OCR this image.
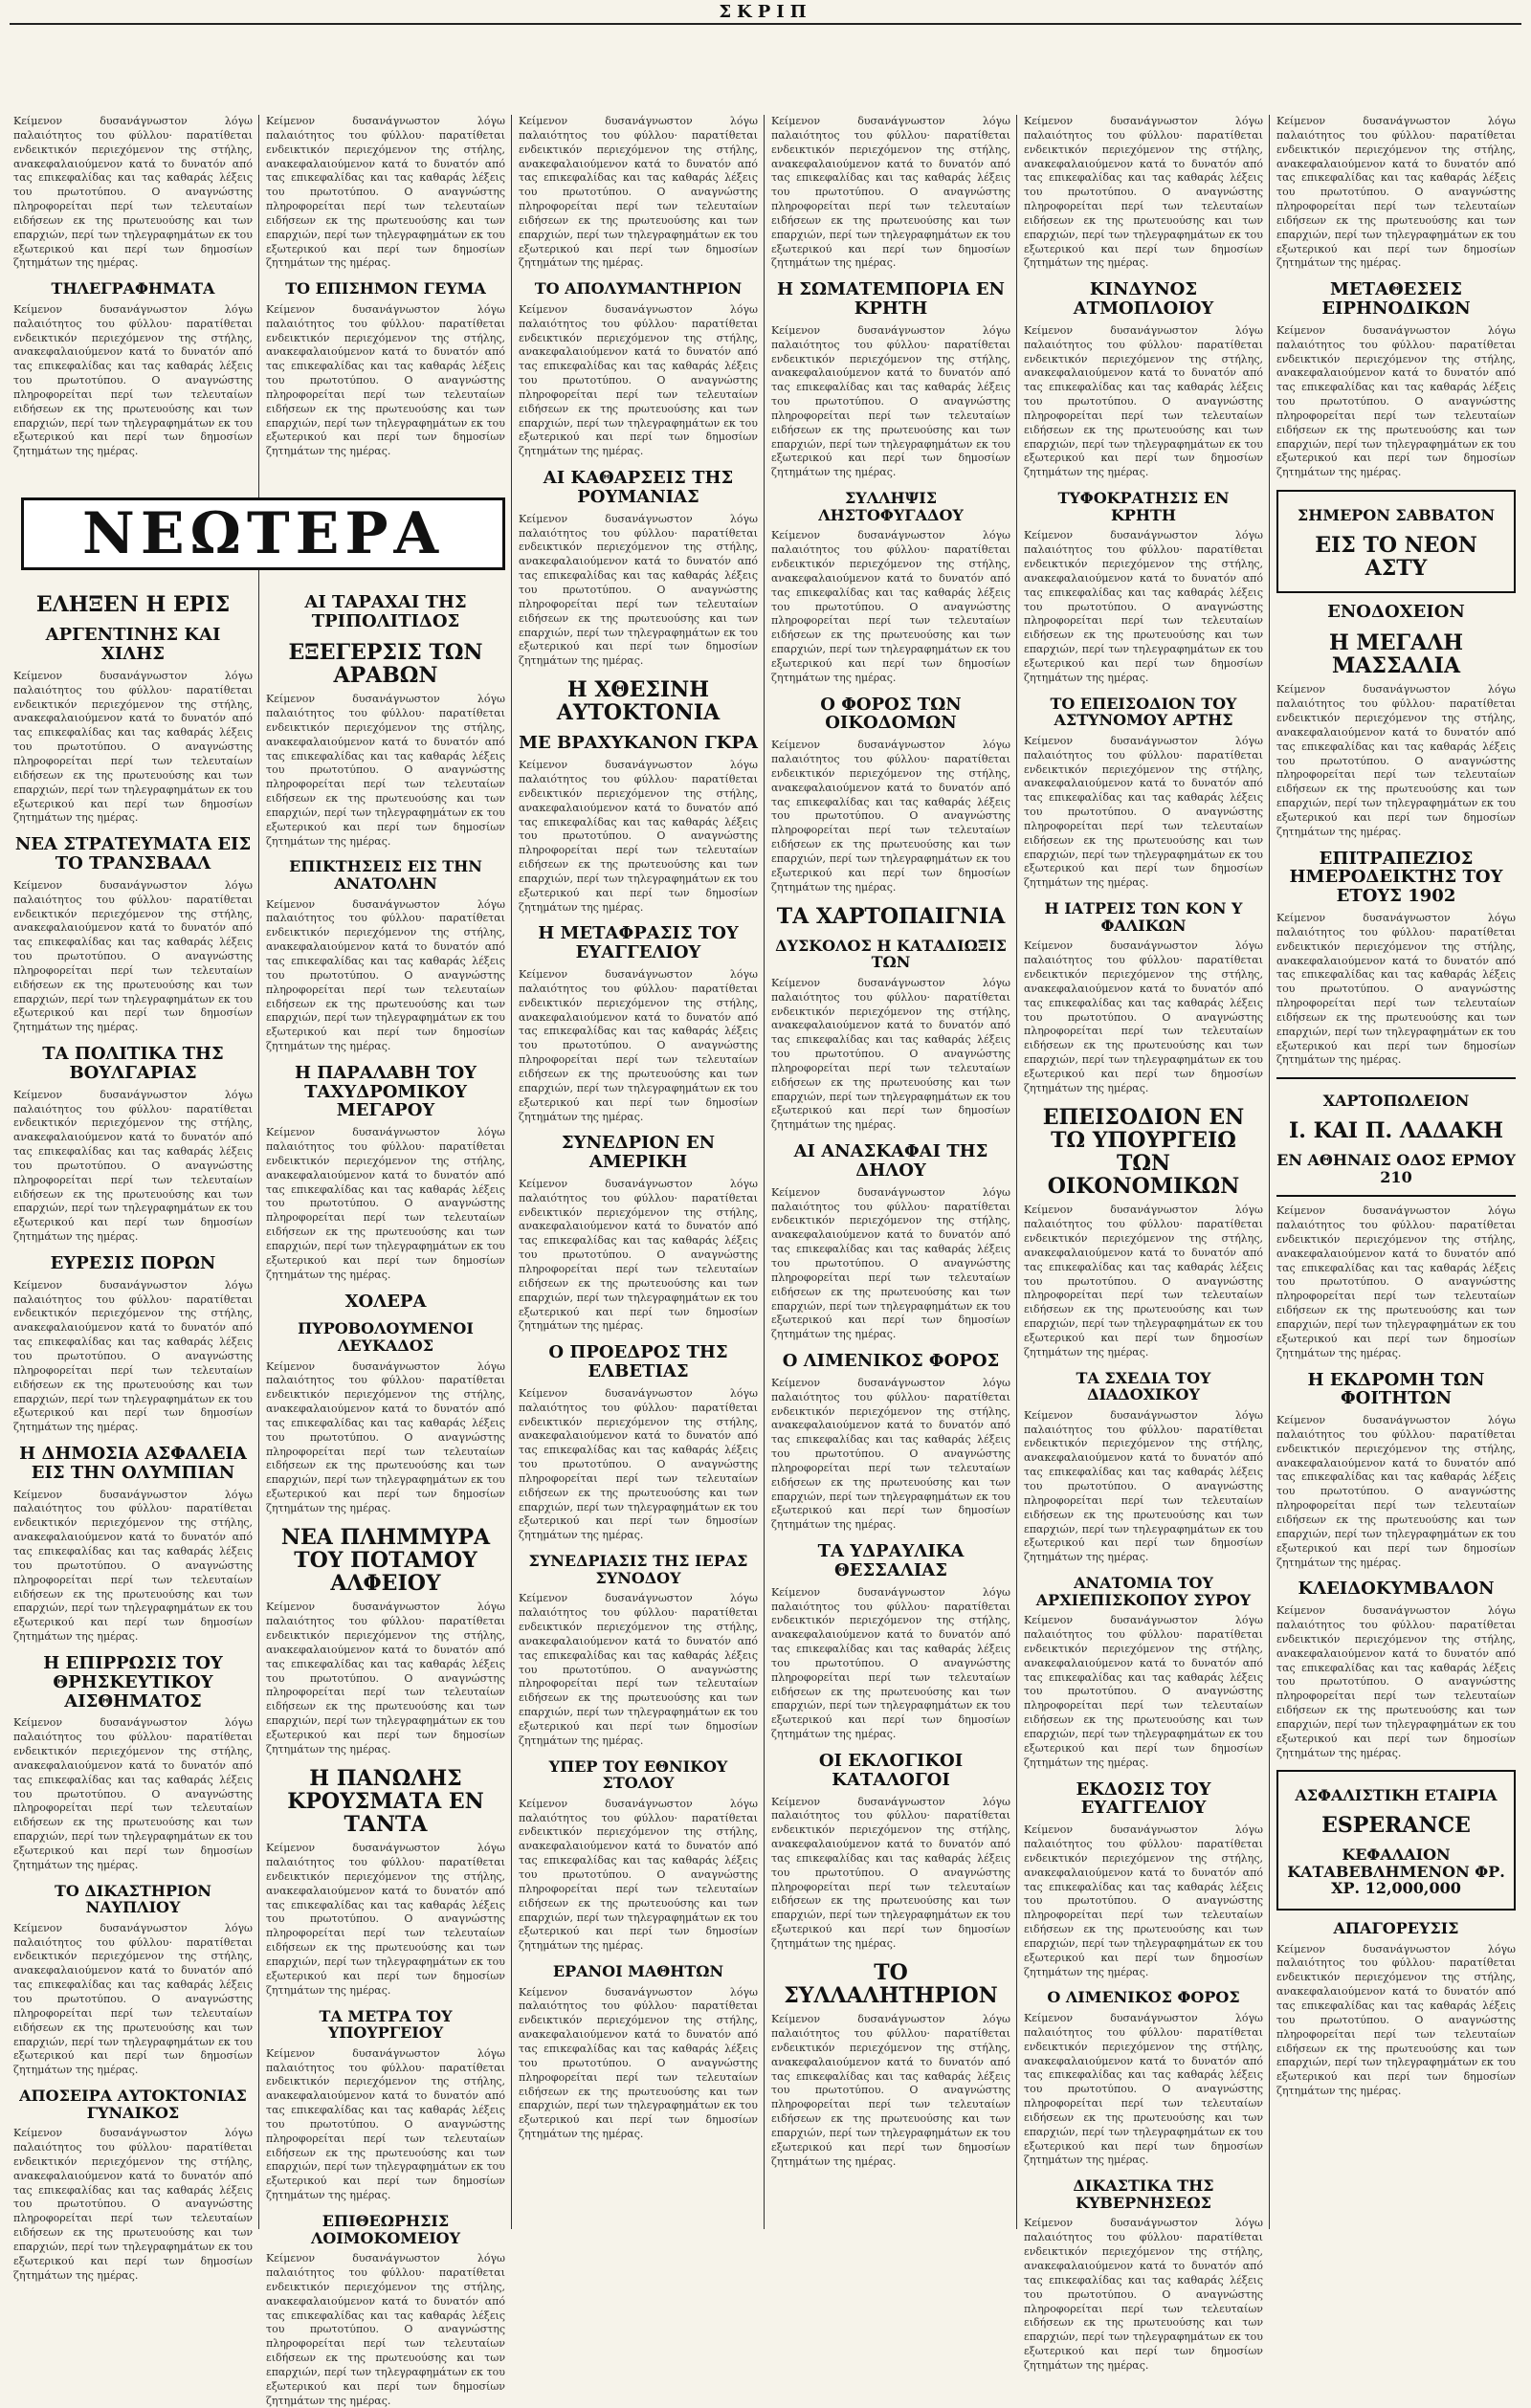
ΣΚΡΙΠ
ΝΕΩΤΕΡΑ
Κείμενον δυσανάγνωστον λόγω παλαιότητος του φύλλου· παρατίθεται ενδεικτικόν περιεχόμενον της στήλης, ανακεφαλαιούμενον κατά το δυνατόν από τας επικεφαλίδας και τας καθαράς λέξεις του πρωτοτύπου. Ο αναγνώστης πληροφορείται περί των τελευταίων ειδήσεων εκ της πρωτευούσης και των επαρχιών, περί των τηλεγραφημάτων εκ του εξωτερικού και περί των δημοσίων ζητημάτων της ημέρας.
ΤΗΛΕΓΡΑΦΗΜΑΤΑ
Κείμενον δυσανάγνωστον λόγω παλαιότητος του φύλλου· παρατίθεται ενδεικτικόν περιεχόμενον της στήλης, ανακεφαλαιούμενον κατά το δυνατόν από τας επικεφαλίδας και τας καθαράς λέξεις του πρωτοτύπου. Ο αναγνώστης πληροφορείται περί των τελευταίων ειδήσεων εκ της πρωτευούσης και των επαρχιών, περί των τηλεγραφημάτων εκ του εξωτερικού και περί των δημοσίων ζητημάτων της ημέρας.
ΕΛΗΞΕΝ Η ΕΡΙΣ
ΑΡΓΕΝΤΙΝΗΣ ΚΑΙ ΧΙΛΗΣ
Κείμενον δυσανάγνωστον λόγω παλαιότητος του φύλλου· παρατίθεται ενδεικτικόν περιεχόμενον της στήλης, ανακεφαλαιούμενον κατά το δυνατόν από τας επικεφαλίδας και τας καθαράς λέξεις του πρωτοτύπου. Ο αναγνώστης πληροφορείται περί των τελευταίων ειδήσεων εκ της πρωτευούσης και των επαρχιών, περί των τηλεγραφημάτων εκ του εξωτερικού και περί των δημοσίων ζητημάτων της ημέρας.
ΝΕΑ ΣΤΡΑΤΕΥΜΑΤΑ ΕΙΣ ΤΟ ΤΡΑΝΣΒΑΑΛ
Κείμενον δυσανάγνωστον λόγω παλαιότητος του φύλλου· παρατίθεται ενδεικτικόν περιεχόμενον της στήλης, ανακεφαλαιούμενον κατά το δυνατόν από τας επικεφαλίδας και τας καθαράς λέξεις του πρωτοτύπου. Ο αναγνώστης πληροφορείται περί των τελευταίων ειδήσεων εκ της πρωτευούσης και των επαρχιών, περί των τηλεγραφημάτων εκ του εξωτερικού και περί των δημοσίων ζητημάτων της ημέρας.
ΤΑ ΠΟΛΙΤΙΚΑ ΤΗΣ ΒΟΥΛΓΑΡΙΑΣ
Κείμενον δυσανάγνωστον λόγω παλαιότητος του φύλλου· παρατίθεται ενδεικτικόν περιεχόμενον της στήλης, ανακεφαλαιούμενον κατά το δυνατόν από τας επικεφαλίδας και τας καθαράς λέξεις του πρωτοτύπου. Ο αναγνώστης πληροφορείται περί των τελευταίων ειδήσεων εκ της πρωτευούσης και των επαρχιών, περί των τηλεγραφημάτων εκ του εξωτερικού και περί των δημοσίων ζητημάτων της ημέρας.
ΕΥΡΕΣΙΣ ΠΟΡΩΝ
Κείμενον δυσανάγνωστον λόγω παλαιότητος του φύλλου· παρατίθεται ενδεικτικόν περιεχόμενον της στήλης, ανακεφαλαιούμενον κατά το δυνατόν από τας επικεφαλίδας και τας καθαράς λέξεις του πρωτοτύπου. Ο αναγνώστης πληροφορείται περί των τελευταίων ειδήσεων εκ της πρωτευούσης και των επαρχιών, περί των τηλεγραφημάτων εκ του εξωτερικού και περί των δημοσίων ζητημάτων της ημέρας.
Η ΔΗΜΟΣΙΑ ΑΣΦΑΛΕΙΑ ΕΙΣ ΤΗΝ ΟΛΥΜΠΙΑΝ
Κείμενον δυσανάγνωστον λόγω παλαιότητος του φύλλου· παρατίθεται ενδεικτικόν περιεχόμενον της στήλης, ανακεφαλαιούμενον κατά το δυνατόν από τας επικεφαλίδας και τας καθαράς λέξεις του πρωτοτύπου. Ο αναγνώστης πληροφορείται περί των τελευταίων ειδήσεων εκ της πρωτευούσης και των επαρχιών, περί των τηλεγραφημάτων εκ του εξωτερικού και περί των δημοσίων ζητημάτων της ημέρας.
Η ΕΠΙΡΡΩΣΙΣ ΤΟΥ ΘΡΗΣΚΕΥΤΙΚΟΥ ΑΙΣΘΗΜΑΤΟΣ
Κείμενον δυσανάγνωστον λόγω παλαιότητος του φύλλου· παρατίθεται ενδεικτικόν περιεχόμενον της στήλης, ανακεφαλαιούμενον κατά το δυνατόν από τας επικεφαλίδας και τας καθαράς λέξεις του πρωτοτύπου. Ο αναγνώστης πληροφορείται περί των τελευταίων ειδήσεων εκ της πρωτευούσης και των επαρχιών, περί των τηλεγραφημάτων εκ του εξωτερικού και περί των δημοσίων ζητημάτων της ημέρας.
ΤΟ ΔΙΚΑΣΤΗΡΙΟΝ ΝΑΥΠΛΙΟΥ
Κείμενον δυσανάγνωστον λόγω παλαιότητος του φύλλου· παρατίθεται ενδεικτικόν περιεχόμενον της στήλης, ανακεφαλαιούμενον κατά το δυνατόν από τας επικεφαλίδας και τας καθαράς λέξεις του πρωτοτύπου. Ο αναγνώστης πληροφορείται περί των τελευταίων ειδήσεων εκ της πρωτευούσης και των επαρχιών, περί των τηλεγραφημάτων εκ του εξωτερικού και περί των δημοσίων ζητημάτων της ημέρας.
ΑΠΟΣΕΙΡΑ ΑΥΤΟΚΤΟΝΙΑΣ ΓΥΝΑΙΚΟΣ
Κείμενον δυσανάγνωστον λόγω παλαιότητος του φύλλου· παρατίθεται ενδεικτικόν περιεχόμενον της στήλης, ανακεφαλαιούμενον κατά το δυνατόν από τας επικεφαλίδας και τας καθαράς λέξεις του πρωτοτύπου. Ο αναγνώστης πληροφορείται περί των τελευταίων ειδήσεων εκ της πρωτευούσης και των επαρχιών, περί των τηλεγραφημάτων εκ του εξωτερικού και περί των δημοσίων ζητημάτων της ημέρας.
Κείμενον δυσανάγνωστον λόγω παλαιότητος του φύλλου· παρατίθεται ενδεικτικόν περιεχόμενον της στήλης, ανακεφαλαιούμενον κατά το δυνατόν από τας επικεφαλίδας και τας καθαράς λέξεις του πρωτοτύπου. Ο αναγνώστης πληροφορείται περί των τελευταίων ειδήσεων εκ της πρωτευούσης και των επαρχιών, περί των τηλεγραφημάτων εκ του εξωτερικού και περί των δημοσίων ζητημάτων της ημέρας.
ΤΟ ΕΠΙΣΗΜΟΝ ΓΕΥΜΑ
Κείμενον δυσανάγνωστον λόγω παλαιότητος του φύλλου· παρατίθεται ενδεικτικόν περιεχόμενον της στήλης, ανακεφαλαιούμενον κατά το δυνατόν από τας επικεφαλίδας και τας καθαράς λέξεις του πρωτοτύπου. Ο αναγνώστης πληροφορείται περί των τελευταίων ειδήσεων εκ της πρωτευούσης και των επαρχιών, περί των τηλεγραφημάτων εκ του εξωτερικού και περί των δημοσίων ζητημάτων της ημέρας.
ΑΙ ΤΑΡΑΧΑΙ ΤΗΣ ΤΡΙΠΟΛΙΤΙΔΟΣ
ΕΞΕΓΕΡΣΙΣ ΤΩΝ ΑΡΑΒΩΝ
Κείμενον δυσανάγνωστον λόγω παλαιότητος του φύλλου· παρατίθεται ενδεικτικόν περιεχόμενον της στήλης, ανακεφαλαιούμενον κατά το δυνατόν από τας επικεφαλίδας και τας καθαράς λέξεις του πρωτοτύπου. Ο αναγνώστης πληροφορείται περί των τελευταίων ειδήσεων εκ της πρωτευούσης και των επαρχιών, περί των τηλεγραφημάτων εκ του εξωτερικού και περί των δημοσίων ζητημάτων της ημέρας.
ΕΠΙΚΤΗΣΕΙΣ ΕΙΣ ΤΗΝ ΑΝΑΤΟΛΗΝ
Κείμενον δυσανάγνωστον λόγω παλαιότητος του φύλλου· παρατίθεται ενδεικτικόν περιεχόμενον της στήλης, ανακεφαλαιούμενον κατά το δυνατόν από τας επικεφαλίδας και τας καθαράς λέξεις του πρωτοτύπου. Ο αναγνώστης πληροφορείται περί των τελευταίων ειδήσεων εκ της πρωτευούσης και των επαρχιών, περί των τηλεγραφημάτων εκ του εξωτερικού και περί των δημοσίων ζητημάτων της ημέρας.
Η ΠΑΡΑΛΑΒΗ ΤΟΥ ΤΑΧΥΔΡΟΜΙΚΟΥ ΜΕΓΑΡΟΥ
Κείμενον δυσανάγνωστον λόγω παλαιότητος του φύλλου· παρατίθεται ενδεικτικόν περιεχόμενον της στήλης, ανακεφαλαιούμενον κατά το δυνατόν από τας επικεφαλίδας και τας καθαράς λέξεις του πρωτοτύπου. Ο αναγνώστης πληροφορείται περί των τελευταίων ειδήσεων εκ της πρωτευούσης και των επαρχιών, περί των τηλεγραφημάτων εκ του εξωτερικού και περί των δημοσίων ζητημάτων της ημέρας.
ΧΟΛΕΡΑ
ΠΥΡΟΒΟΛΟΥΜΕΝΟΙ ΛΕΥΚΑΔΟΣ
Κείμενον δυσανάγνωστον λόγω παλαιότητος του φύλλου· παρατίθεται ενδεικτικόν περιεχόμενον της στήλης, ανακεφαλαιούμενον κατά το δυνατόν από τας επικεφαλίδας και τας καθαράς λέξεις του πρωτοτύπου. Ο αναγνώστης πληροφορείται περί των τελευταίων ειδήσεων εκ της πρωτευούσης και των επαρχιών, περί των τηλεγραφημάτων εκ του εξωτερικού και περί των δημοσίων ζητημάτων της ημέρας.
ΝΕΑ ΠΛΗΜΜΥΡΑ ΤΟΥ ΠΟΤΑΜΟΥ ΑΛΦΕΙΟΥ
Κείμενον δυσανάγνωστον λόγω παλαιότητος του φύλλου· παρατίθεται ενδεικτικόν περιεχόμενον της στήλης, ανακεφαλαιούμενον κατά το δυνατόν από τας επικεφαλίδας και τας καθαράς λέξεις του πρωτοτύπου. Ο αναγνώστης πληροφορείται περί των τελευταίων ειδήσεων εκ της πρωτευούσης και των επαρχιών, περί των τηλεγραφημάτων εκ του εξωτερικού και περί των δημοσίων ζητημάτων της ημέρας.
Η ΠΑΝΩΛΗΣ ΚΡΟΥΣΜΑΤΑ ΕΝ ΤΑΝΤΑ
Κείμενον δυσανάγνωστον λόγω παλαιότητος του φύλλου· παρατίθεται ενδεικτικόν περιεχόμενον της στήλης, ανακεφαλαιούμενον κατά το δυνατόν από τας επικεφαλίδας και τας καθαράς λέξεις του πρωτοτύπου. Ο αναγνώστης πληροφορείται περί των τελευταίων ειδήσεων εκ της πρωτευούσης και των επαρχιών, περί των τηλεγραφημάτων εκ του εξωτερικού και περί των δημοσίων ζητημάτων της ημέρας.
ΤΑ ΜΕΤΡΑ ΤΟΥ ΥΠΟΥΡΓΕΙΟΥ
Κείμενον δυσανάγνωστον λόγω παλαιότητος του φύλλου· παρατίθεται ενδεικτικόν περιεχόμενον της στήλης, ανακεφαλαιούμενον κατά το δυνατόν από τας επικεφαλίδας και τας καθαράς λέξεις του πρωτοτύπου. Ο αναγνώστης πληροφορείται περί των τελευταίων ειδήσεων εκ της πρωτευούσης και των επαρχιών, περί των τηλεγραφημάτων εκ του εξωτερικού και περί των δημοσίων ζητημάτων της ημέρας.
ΕΠΙΘΕΩΡΗΣΙΣ ΛΟΙΜΟΚΟΜΕΙΟΥ
Κείμενον δυσανάγνωστον λόγω παλαιότητος του φύλλου· παρατίθεται ενδεικτικόν περιεχόμενον της στήλης, ανακεφαλαιούμενον κατά το δυνατόν από τας επικεφαλίδας και τας καθαράς λέξεις του πρωτοτύπου. Ο αναγνώστης πληροφορείται περί των τελευταίων ειδήσεων εκ της πρωτευούσης και των επαρχιών, περί των τηλεγραφημάτων εκ του εξωτερικού και περί των δημοσίων ζητημάτων της ημέρας.
Κείμενον δυσανάγνωστον λόγω παλαιότητος του φύλλου· παρατίθεται ενδεικτικόν περιεχόμενον της στήλης, ανακεφαλαιούμενον κατά το δυνατόν από τας επικεφαλίδας και τας καθαράς λέξεις του πρωτοτύπου. Ο αναγνώστης πληροφορείται περί των τελευταίων ειδήσεων εκ της πρωτευούσης και των επαρχιών, περί των τηλεγραφημάτων εκ του εξωτερικού και περί των δημοσίων ζητημάτων της ημέρας.
ΤΟ ΑΠΟΛΥΜΑΝΤΗΡΙΟΝ
Κείμενον δυσανάγνωστον λόγω παλαιότητος του φύλλου· παρατίθεται ενδεικτικόν περιεχόμενον της στήλης, ανακεφαλαιούμενον κατά το δυνατόν από τας επικεφαλίδας και τας καθαράς λέξεις του πρωτοτύπου. Ο αναγνώστης πληροφορείται περί των τελευταίων ειδήσεων εκ της πρωτευούσης και των επαρχιών, περί των τηλεγραφημάτων εκ του εξωτερικού και περί των δημοσίων ζητημάτων της ημέρας.
ΑΙ ΚΑΘΑΡΣΕΙΣ ΤΗΣ ΡΟΥΜΑΝΙΑΣ
Κείμενον δυσανάγνωστον λόγω παλαιότητος του φύλλου· παρατίθεται ενδεικτικόν περιεχόμενον της στήλης, ανακεφαλαιούμενον κατά το δυνατόν από τας επικεφαλίδας και τας καθαράς λέξεις του πρωτοτύπου. Ο αναγνώστης πληροφορείται περί των τελευταίων ειδήσεων εκ της πρωτευούσης και των επαρχιών, περί των τηλεγραφημάτων εκ του εξωτερικού και περί των δημοσίων ζητημάτων της ημέρας.
Η ΧΘΕΣΙΝΗ ΑΥΤΟΚΤΟΝΙΑ
ΜΕ ΒΡΑΧΥΚΑΝΟΝ ΓΚΡΑ
Κείμενον δυσανάγνωστον λόγω παλαιότητος του φύλλου· παρατίθεται ενδεικτικόν περιεχόμενον της στήλης, ανακεφαλαιούμενον κατά το δυνατόν από τας επικεφαλίδας και τας καθαράς λέξεις του πρωτοτύπου. Ο αναγνώστης πληροφορείται περί των τελευταίων ειδήσεων εκ της πρωτευούσης και των επαρχιών, περί των τηλεγραφημάτων εκ του εξωτερικού και περί των δημοσίων ζητημάτων της ημέρας.
Η ΜΕΤΑΦΡΑΣΙΣ ΤΟΥ ΕΥΑΓΓΕΛΙΟΥ
Κείμενον δυσανάγνωστον λόγω παλαιότητος του φύλλου· παρατίθεται ενδεικτικόν περιεχόμενον της στήλης, ανακεφαλαιούμενον κατά το δυνατόν από τας επικεφαλίδας και τας καθαράς λέξεις του πρωτοτύπου. Ο αναγνώστης πληροφορείται περί των τελευταίων ειδήσεων εκ της πρωτευούσης και των επαρχιών, περί των τηλεγραφημάτων εκ του εξωτερικού και περί των δημοσίων ζητημάτων της ημέρας.
ΣΥΝΕΔΡΙΟΝ ΕΝ ΑΜΕΡΙΚΗ
Κείμενον δυσανάγνωστον λόγω παλαιότητος του φύλλου· παρατίθεται ενδεικτικόν περιεχόμενον της στήλης, ανακεφαλαιούμενον κατά το δυνατόν από τας επικεφαλίδας και τας καθαράς λέξεις του πρωτοτύπου. Ο αναγνώστης πληροφορείται περί των τελευταίων ειδήσεων εκ της πρωτευούσης και των επαρχιών, περί των τηλεγραφημάτων εκ του εξωτερικού και περί των δημοσίων ζητημάτων της ημέρας.
Ο ΠΡΟΕΔΡΟΣ ΤΗΣ ΕΛΒΕΤΙΑΣ
Κείμενον δυσανάγνωστον λόγω παλαιότητος του φύλλου· παρατίθεται ενδεικτικόν περιεχόμενον της στήλης, ανακεφαλαιούμενον κατά το δυνατόν από τας επικεφαλίδας και τας καθαράς λέξεις του πρωτοτύπου. Ο αναγνώστης πληροφορείται περί των τελευταίων ειδήσεων εκ της πρωτευούσης και των επαρχιών, περί των τηλεγραφημάτων εκ του εξωτερικού και περί των δημοσίων ζητημάτων της ημέρας.
ΣΥΝΕΔΡΙΑΣΙΣ ΤΗΣ ΙΕΡΑΣ ΣΥΝΟΔΟΥ
Κείμενον δυσανάγνωστον λόγω παλαιότητος του φύλλου· παρατίθεται ενδεικτικόν περιεχόμενον της στήλης, ανακεφαλαιούμενον κατά το δυνατόν από τας επικεφαλίδας και τας καθαράς λέξεις του πρωτοτύπου. Ο αναγνώστης πληροφορείται περί των τελευταίων ειδήσεων εκ της πρωτευούσης και των επαρχιών, περί των τηλεγραφημάτων εκ του εξωτερικού και περί των δημοσίων ζητημάτων της ημέρας.
ΥΠΕΡ ΤΟΥ ΕΘΝΙΚΟΥ ΣΤΟΛΟΥ
Κείμενον δυσανάγνωστον λόγω παλαιότητος του φύλλου· παρατίθεται ενδεικτικόν περιεχόμενον της στήλης, ανακεφαλαιούμενον κατά το δυνατόν από τας επικεφαλίδας και τας καθαράς λέξεις του πρωτοτύπου. Ο αναγνώστης πληροφορείται περί των τελευταίων ειδήσεων εκ της πρωτευούσης και των επαρχιών, περί των τηλεγραφημάτων εκ του εξωτερικού και περί των δημοσίων ζητημάτων της ημέρας.
ΕΡΑΝΟΙ ΜΑΘΗΤΩΝ
Κείμενον δυσανάγνωστον λόγω παλαιότητος του φύλλου· παρατίθεται ενδεικτικόν περιεχόμενον της στήλης, ανακεφαλαιούμενον κατά το δυνατόν από τας επικεφαλίδας και τας καθαράς λέξεις του πρωτοτύπου. Ο αναγνώστης πληροφορείται περί των τελευταίων ειδήσεων εκ της πρωτευούσης και των επαρχιών, περί των τηλεγραφημάτων εκ του εξωτερικού και περί των δημοσίων ζητημάτων της ημέρας.
Κείμενον δυσανάγνωστον λόγω παλαιότητος του φύλλου· παρατίθεται ενδεικτικόν περιεχόμενον της στήλης, ανακεφαλαιούμενον κατά το δυνατόν από τας επικεφαλίδας και τας καθαράς λέξεις του πρωτοτύπου. Ο αναγνώστης πληροφορείται περί των τελευταίων ειδήσεων εκ της πρωτευούσης και των επαρχιών, περί των τηλεγραφημάτων εκ του εξωτερικού και περί των δημοσίων ζητημάτων της ημέρας.
Η ΣΩΜΑΤΕΜΠΟΡΙΑ ΕΝ ΚΡΗΤΗ
Κείμενον δυσανάγνωστον λόγω παλαιότητος του φύλλου· παρατίθεται ενδεικτικόν περιεχόμενον της στήλης, ανακεφαλαιούμενον κατά το δυνατόν από τας επικεφαλίδας και τας καθαράς λέξεις του πρωτοτύπου. Ο αναγνώστης πληροφορείται περί των τελευταίων ειδήσεων εκ της πρωτευούσης και των επαρχιών, περί των τηλεγραφημάτων εκ του εξωτερικού και περί των δημοσίων ζητημάτων της ημέρας.
ΣΥΛΛΗΨΙΣ ΛΗΣΤΟΦΥΓΑΔΟΥ
Κείμενον δυσανάγνωστον λόγω παλαιότητος του φύλλου· παρατίθεται ενδεικτικόν περιεχόμενον της στήλης, ανακεφαλαιούμενον κατά το δυνατόν από τας επικεφαλίδας και τας καθαράς λέξεις του πρωτοτύπου. Ο αναγνώστης πληροφορείται περί των τελευταίων ειδήσεων εκ της πρωτευούσης και των επαρχιών, περί των τηλεγραφημάτων εκ του εξωτερικού και περί των δημοσίων ζητημάτων της ημέρας.
Ο ΦΟΡΟΣ ΤΩΝ ΟΙΚΟΔΟΜΩΝ
Κείμενον δυσανάγνωστον λόγω παλαιότητος του φύλλου· παρατίθεται ενδεικτικόν περιεχόμενον της στήλης, ανακεφαλαιούμενον κατά το δυνατόν από τας επικεφαλίδας και τας καθαράς λέξεις του πρωτοτύπου. Ο αναγνώστης πληροφορείται περί των τελευταίων ειδήσεων εκ της πρωτευούσης και των επαρχιών, περί των τηλεγραφημάτων εκ του εξωτερικού και περί των δημοσίων ζητημάτων της ημέρας.
ΤΑ ΧΑΡΤΟΠΑΙΓΝΙΑ
ΔΥΣΚΟΛΟΣ Η ΚΑΤΑΔΙΩΞΙΣ ΤΩΝ
Κείμενον δυσανάγνωστον λόγω παλαιότητος του φύλλου· παρατίθεται ενδεικτικόν περιεχόμενον της στήλης, ανακεφαλαιούμενον κατά το δυνατόν από τας επικεφαλίδας και τας καθαράς λέξεις του πρωτοτύπου. Ο αναγνώστης πληροφορείται περί των τελευταίων ειδήσεων εκ της πρωτευούσης και των επαρχιών, περί των τηλεγραφημάτων εκ του εξωτερικού και περί των δημοσίων ζητημάτων της ημέρας.
ΑΙ ΑΝΑΣΚΑΦΑΙ ΤΗΣ ΔΗΛΟΥ
Κείμενον δυσανάγνωστον λόγω παλαιότητος του φύλλου· παρατίθεται ενδεικτικόν περιεχόμενον της στήλης, ανακεφαλαιούμενον κατά το δυνατόν από τας επικεφαλίδας και τας καθαράς λέξεις του πρωτοτύπου. Ο αναγνώστης πληροφορείται περί των τελευταίων ειδήσεων εκ της πρωτευούσης και των επαρχιών, περί των τηλεγραφημάτων εκ του εξωτερικού και περί των δημοσίων ζητημάτων της ημέρας.
Ο ΛΙΜΕΝΙΚΟΣ ΦΟΡΟΣ
Κείμενον δυσανάγνωστον λόγω παλαιότητος του φύλλου· παρατίθεται ενδεικτικόν περιεχόμενον της στήλης, ανακεφαλαιούμενον κατά το δυνατόν από τας επικεφαλίδας και τας καθαράς λέξεις του πρωτοτύπου. Ο αναγνώστης πληροφορείται περί των τελευταίων ειδήσεων εκ της πρωτευούσης και των επαρχιών, περί των τηλεγραφημάτων εκ του εξωτερικού και περί των δημοσίων ζητημάτων της ημέρας.
ΤΑ ΥΔΡΑΥΛΙΚΑ ΘΕΣΣΑΛΙΑΣ
Κείμενον δυσανάγνωστον λόγω παλαιότητος του φύλλου· παρατίθεται ενδεικτικόν περιεχόμενον της στήλης, ανακεφαλαιούμενον κατά το δυνατόν από τας επικεφαλίδας και τας καθαράς λέξεις του πρωτοτύπου. Ο αναγνώστης πληροφορείται περί των τελευταίων ειδήσεων εκ της πρωτευούσης και των επαρχιών, περί των τηλεγραφημάτων εκ του εξωτερικού και περί των δημοσίων ζητημάτων της ημέρας.
ΟΙ ΕΚΛΟΓΙΚΟΙ ΚΑΤΑΛΟΓΟΙ
Κείμενον δυσανάγνωστον λόγω παλαιότητος του φύλλου· παρατίθεται ενδεικτικόν περιεχόμενον της στήλης, ανακεφαλαιούμενον κατά το δυνατόν από τας επικεφαλίδας και τας καθαράς λέξεις του πρωτοτύπου. Ο αναγνώστης πληροφορείται περί των τελευταίων ειδήσεων εκ της πρωτευούσης και των επαρχιών, περί των τηλεγραφημάτων εκ του εξωτερικού και περί των δημοσίων ζητημάτων της ημέρας.
ΤΟ ΣΥΛΛΑΛΗΤΗΡΙΟΝ
Κείμενον δυσανάγνωστον λόγω παλαιότητος του φύλλου· παρατίθεται ενδεικτικόν περιεχόμενον της στήλης, ανακεφαλαιούμενον κατά το δυνατόν από τας επικεφαλίδας και τας καθαράς λέξεις του πρωτοτύπου. Ο αναγνώστης πληροφορείται περί των τελευταίων ειδήσεων εκ της πρωτευούσης και των επαρχιών, περί των τηλεγραφημάτων εκ του εξωτερικού και περί των δημοσίων ζητημάτων της ημέρας.
Κείμενον δυσανάγνωστον λόγω παλαιότητος του φύλλου· παρατίθεται ενδεικτικόν περιεχόμενον της στήλης, ανακεφαλαιούμενον κατά το δυνατόν από τας επικεφαλίδας και τας καθαράς λέξεις του πρωτοτύπου. Ο αναγνώστης πληροφορείται περί των τελευταίων ειδήσεων εκ της πρωτευούσης και των επαρχιών, περί των τηλεγραφημάτων εκ του εξωτερικού και περί των δημοσίων ζητημάτων της ημέρας.
ΚΙΝΔΥΝΟΣ ΑΤΜΟΠΛΟΙΟΥ
Κείμενον δυσανάγνωστον λόγω παλαιότητος του φύλλου· παρατίθεται ενδεικτικόν περιεχόμενον της στήλης, ανακεφαλαιούμενον κατά το δυνατόν από τας επικεφαλίδας και τας καθαράς λέξεις του πρωτοτύπου. Ο αναγνώστης πληροφορείται περί των τελευταίων ειδήσεων εκ της πρωτευούσης και των επαρχιών, περί των τηλεγραφημάτων εκ του εξωτερικού και περί των δημοσίων ζητημάτων της ημέρας.
ΤΥΦΟΚΡΑΤΗΣΙΣ ΕΝ ΚΡΗΤΗ
Κείμενον δυσανάγνωστον λόγω παλαιότητος του φύλλου· παρατίθεται ενδεικτικόν περιεχόμενον της στήλης, ανακεφαλαιούμενον κατά το δυνατόν από τας επικεφαλίδας και τας καθαράς λέξεις του πρωτοτύπου. Ο αναγνώστης πληροφορείται περί των τελευταίων ειδήσεων εκ της πρωτευούσης και των επαρχιών, περί των τηλεγραφημάτων εκ του εξωτερικού και περί των δημοσίων ζητημάτων της ημέρας.
ΤΟ ΕΠΕΙΣΟΔΙΟΝ ΤΟΥ ΑΣΤΥΝΟΜΟΥ ΑΡΤΗΣ
Κείμενον δυσανάγνωστον λόγω παλαιότητος του φύλλου· παρατίθεται ενδεικτικόν περιεχόμενον της στήλης, ανακεφαλαιούμενον κατά το δυνατόν από τας επικεφαλίδας και τας καθαράς λέξεις του πρωτοτύπου. Ο αναγνώστης πληροφορείται περί των τελευταίων ειδήσεων εκ της πρωτευούσης και των επαρχιών, περί των τηλεγραφημάτων εκ του εξωτερικού και περί των δημοσίων ζητημάτων της ημέρας.
Η ΙΑΤΡΕΙΣ ΤΩΝ ΚΟΝ Υ ΦΑΛΙΚΩΝ
Κείμενον δυσανάγνωστον λόγω παλαιότητος του φύλλου· παρατίθεται ενδεικτικόν περιεχόμενον της στήλης, ανακεφαλαιούμενον κατά το δυνατόν από τας επικεφαλίδας και τας καθαράς λέξεις του πρωτοτύπου. Ο αναγνώστης πληροφορείται περί των τελευταίων ειδήσεων εκ της πρωτευούσης και των επαρχιών, περί των τηλεγραφημάτων εκ του εξωτερικού και περί των δημοσίων ζητημάτων της ημέρας.
ΕΠΕΙΣΟΔΙΟΝ ΕΝ ΤΩ ΥΠΟΥΡΓΕΙΩ ΤΩΝ ΟΙΚΟΝΟΜΙΚΩΝ
Κείμενον δυσανάγνωστον λόγω παλαιότητος του φύλλου· παρατίθεται ενδεικτικόν περιεχόμενον της στήλης, ανακεφαλαιούμενον κατά το δυνατόν από τας επικεφαλίδας και τας καθαράς λέξεις του πρωτοτύπου. Ο αναγνώστης πληροφορείται περί των τελευταίων ειδήσεων εκ της πρωτευούσης και των επαρχιών, περί των τηλεγραφημάτων εκ του εξωτερικού και περί των δημοσίων ζητημάτων της ημέρας.
ΤΑ ΣΧΕΔΙΑ ΤΟΥ ΔΙΑΔΟΧΙΚΟΥ
Κείμενον δυσανάγνωστον λόγω παλαιότητος του φύλλου· παρατίθεται ενδεικτικόν περιεχόμενον της στήλης, ανακεφαλαιούμενον κατά το δυνατόν από τας επικεφαλίδας και τας καθαράς λέξεις του πρωτοτύπου. Ο αναγνώστης πληροφορείται περί των τελευταίων ειδήσεων εκ της πρωτευούσης και των επαρχιών, περί των τηλεγραφημάτων εκ του εξωτερικού και περί των δημοσίων ζητημάτων της ημέρας.
ΑΝΑΤΟΜΙΑ ΤΟΥ ΑΡΧΙΕΠΙΣΚΟΠΟΥ ΣΥΡΟΥ
Κείμενον δυσανάγνωστον λόγω παλαιότητος του φύλλου· παρατίθεται ενδεικτικόν περιεχόμενον της στήλης, ανακεφαλαιούμενον κατά το δυνατόν από τας επικεφαλίδας και τας καθαράς λέξεις του πρωτοτύπου. Ο αναγνώστης πληροφορείται περί των τελευταίων ειδήσεων εκ της πρωτευούσης και των επαρχιών, περί των τηλεγραφημάτων εκ του εξωτερικού και περί των δημοσίων ζητημάτων της ημέρας.
ΕΚΔΟΣΙΣ ΤΟΥ ΕΥΑΓΓΕΛΙΟΥ
Κείμενον δυσανάγνωστον λόγω παλαιότητος του φύλλου· παρατίθεται ενδεικτικόν περιεχόμενον της στήλης, ανακεφαλαιούμενον κατά το δυνατόν από τας επικεφαλίδας και τας καθαράς λέξεις του πρωτοτύπου. Ο αναγνώστης πληροφορείται περί των τελευταίων ειδήσεων εκ της πρωτευούσης και των επαρχιών, περί των τηλεγραφημάτων εκ του εξωτερικού και περί των δημοσίων ζητημάτων της ημέρας.
Ο ΛΙΜΕΝΙΚΟΣ ΦΟΡΟΣ
Κείμενον δυσανάγνωστον λόγω παλαιότητος του φύλλου· παρατίθεται ενδεικτικόν περιεχόμενον της στήλης, ανακεφαλαιούμενον κατά το δυνατόν από τας επικεφαλίδας και τας καθαράς λέξεις του πρωτοτύπου. Ο αναγνώστης πληροφορείται περί των τελευταίων ειδήσεων εκ της πρωτευούσης και των επαρχιών, περί των τηλεγραφημάτων εκ του εξωτερικού και περί των δημοσίων ζητημάτων της ημέρας.
ΔΙΚΑΣΤΙΚΑ ΤΗΣ ΚΥΒΕΡΝΗΣΕΩΣ
Κείμενον δυσανάγνωστον λόγω παλαιότητος του φύλλου· παρατίθεται ενδεικτικόν περιεχόμενον της στήλης, ανακεφαλαιούμενον κατά το δυνατόν από τας επικεφαλίδας και τας καθαράς λέξεις του πρωτοτύπου. Ο αναγνώστης πληροφορείται περί των τελευταίων ειδήσεων εκ της πρωτευούσης και των επαρχιών, περί των τηλεγραφημάτων εκ του εξωτερικού και περί των δημοσίων ζητημάτων της ημέρας.
Κείμενον δυσανάγνωστον λόγω παλαιότητος του φύλλου· παρατίθεται ενδεικτικόν περιεχόμενον της στήλης, ανακεφαλαιούμενον κατά το δυνατόν από τας επικεφαλίδας και τας καθαράς λέξεις του πρωτοτύπου. Ο αναγνώστης πληροφορείται περί των τελευταίων ειδήσεων εκ της πρωτευούσης και των επαρχιών, περί των τηλεγραφημάτων εκ του εξωτερικού και περί των δημοσίων ζητημάτων της ημέρας.
ΜΕΤΑΘΕΣΕΙΣ ΕΙΡΗΝΟΔΙΚΩΝ
Κείμενον δυσανάγνωστον λόγω παλαιότητος του φύλλου· παρατίθεται ενδεικτικόν περιεχόμενον της στήλης, ανακεφαλαιούμενον κατά το δυνατόν από τας επικεφαλίδας και τας καθαράς λέξεις του πρωτοτύπου. Ο αναγνώστης πληροφορείται περί των τελευταίων ειδήσεων εκ της πρωτευούσης και των επαρχιών, περί των τηλεγραφημάτων εκ του εξωτερικού και περί των δημοσίων ζητημάτων της ημέρας.
ΣΗΜΕΡΟΝ ΣΑΒΒΑΤΟΝ
ΕΙΣ ΤΟ ΝΕΟΝ ΑΣΤΥ
ΕΝΟΔΟΧΕΙΟΝ
Η ΜΕΓΑΛΗ ΜΑΣΣΑΛΙΑ
Κείμενον δυσανάγνωστον λόγω παλαιότητος του φύλλου· παρατίθεται ενδεικτικόν περιεχόμενον της στήλης, ανακεφαλαιούμενον κατά το δυνατόν από τας επικεφαλίδας και τας καθαράς λέξεις του πρωτοτύπου. Ο αναγνώστης πληροφορείται περί των τελευταίων ειδήσεων εκ της πρωτευούσης και των επαρχιών, περί των τηλεγραφημάτων εκ του εξωτερικού και περί των δημοσίων ζητημάτων της ημέρας.
ΕΠΙΤΡΑΠΕΖΙΟΣ ΗΜΕΡΟΔΕΙΚΤΗΣ ΤΟΥ ΕΤΟΥΣ 1902
Κείμενον δυσανάγνωστον λόγω παλαιότητος του φύλλου· παρατίθεται ενδεικτικόν περιεχόμενον της στήλης, ανακεφαλαιούμενον κατά το δυνατόν από τας επικεφαλίδας και τας καθαράς λέξεις του πρωτοτύπου. Ο αναγνώστης πληροφορείται περί των τελευταίων ειδήσεων εκ της πρωτευούσης και των επαρχιών, περί των τηλεγραφημάτων εκ του εξωτερικού και περί των δημοσίων ζητημάτων της ημέρας.
ΧΑΡΤΟΠΩΛΕΙΟΝ
Ι. ΚΑΙ Π. ΛΑΔΑΚΗ
ΕΝ ΑΘΗΝΑΙΣ ΟΔΟΣ ΕΡΜΟΥ 210
Κείμενον δυσανάγνωστον λόγω παλαιότητος του φύλλου· παρατίθεται ενδεικτικόν περιεχόμενον της στήλης, ανακεφαλαιούμενον κατά το δυνατόν από τας επικεφαλίδας και τας καθαράς λέξεις του πρωτοτύπου. Ο αναγνώστης πληροφορείται περί των τελευταίων ειδήσεων εκ της πρωτευούσης και των επαρχιών, περί των τηλεγραφημάτων εκ του εξωτερικού και περί των δημοσίων ζητημάτων της ημέρας.
Η ΕΚΔΡΟΜΗ ΤΩΝ ΦΟΙΤΗΤΩΝ
Κείμενον δυσανάγνωστον λόγω παλαιότητος του φύλλου· παρατίθεται ενδεικτικόν περιεχόμενον της στήλης, ανακεφαλαιούμενον κατά το δυνατόν από τας επικεφαλίδας και τας καθαράς λέξεις του πρωτοτύπου. Ο αναγνώστης πληροφορείται περί των τελευταίων ειδήσεων εκ της πρωτευούσης και των επαρχιών, περί των τηλεγραφημάτων εκ του εξωτερικού και περί των δημοσίων ζητημάτων της ημέρας.
ΚΛΕΙΔΟΚΥΜΒΑΛΟΝ
Κείμενον δυσανάγνωστον λόγω παλαιότητος του φύλλου· παρατίθεται ενδεικτικόν περιεχόμενον της στήλης, ανακεφαλαιούμενον κατά το δυνατόν από τας επικεφαλίδας και τας καθαράς λέξεις του πρωτοτύπου. Ο αναγνώστης πληροφορείται περί των τελευταίων ειδήσεων εκ της πρωτευούσης και των επαρχιών, περί των τηλεγραφημάτων εκ του εξωτερικού και περί των δημοσίων ζητημάτων της ημέρας.
ΑΣΦΑΛΙΣΤΙΚΗ ΕΤΑΙΡΙΑ
ESPERANCE
ΚΕΦΑΛΑΙΟΝ ΚΑΤΑΒΕΒΛΗΜΕΝΟΝ ΦΡ. ΧΡ. 12,000,000
ΑΠΑΓΟΡΕΥΣΙΣ
Κείμενον δυσανάγνωστον λόγω παλαιότητος του φύλλου· παρατίθεται ενδεικτικόν περιεχόμενον της στήλης, ανακεφαλαιούμενον κατά το δυνατόν από τας επικεφαλίδας και τας καθαράς λέξεις του πρωτοτύπου. Ο αναγνώστης πληροφορείται περί των τελευταίων ειδήσεων εκ της πρωτευούσης και των επαρχιών, περί των τηλεγραφημάτων εκ του εξωτερικού και περί των δημοσίων ζητημάτων της ημέρας.
